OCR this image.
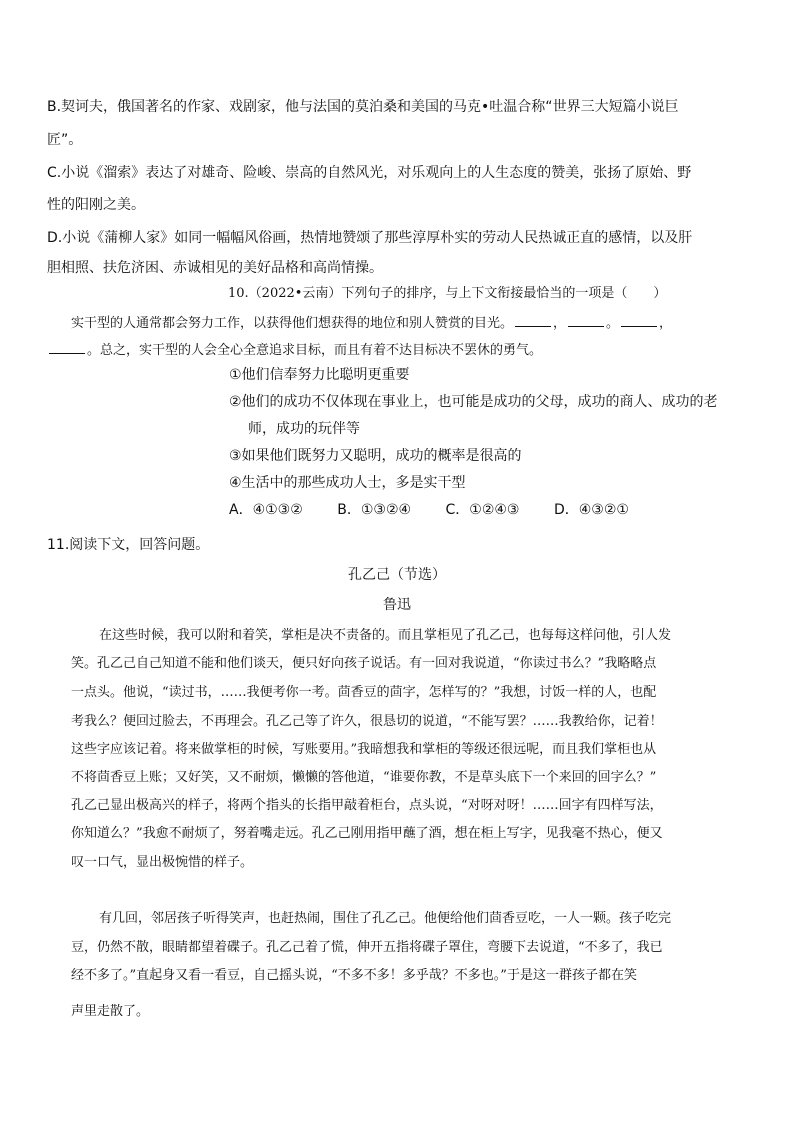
B.契诃夫，俄国著名的作家、戏剧家，他与法国的莫泊桑和美国的马克•吐温合称“世界三大短篇小说巨
匠”。
C.小说《溜索》表达了对雄奇、险峻、崇高的自然风光，对乐观向上的人生态度的赞美，张扬了原始、野
性的阳刚之美。
D.小说《蒲柳人家》如同一幅幅风俗画，热情地赞颂了那些淳厚朴实的劳动人民热诚正直的感情，以及肝
胆相照、扶危济困、赤诚相见的美好品格和高尚情操。
10.（2022•云南）下列句子的排序，与上下文衔接最恰当的一项是（　　）
实干型的人通常都会努力工作，以获得他们想获得的地位和别人赞赏的目光。	，	。	，
。总之，实干型的人会全心全意追求目标，而且有着不达目标决不罢休的勇气。
①他们信奉努力比聪明更重要
②他们的成功不仅体现在事业上，也可能是成功的父母，成功的商人、成功的老
师，成功的玩伴等
③如果他们既努力又聪明，成功的概率是很高的
④生活中的那些成功人士，多是实干型
A．④①③② B．①③②④ C．①②④③ D．④③②①
11.阅读下文，回答问题。
孔乙己（节选）
鲁迅
在这些时候，我可以附和着笑，掌柜是决不责备的。而且掌柜见了孔乙己，也每每这样问他，引人发
笑。孔乙己自己知道不能和他们谈天，便只好向孩子说话。有一回对我说道，“你读过书么？”我略略点
一点头。他说，“读过书，……我便考你一考。茴香豆的茴字，怎样写的？”我想，讨饭一样的人，也配
考我么？便回过脸去，不再理会。孔乙己等了许久，很恳切的说道，“不能写罢？……我教给你，记着！
这些字应该记着。将来做掌柜的时候，写账要用。”我暗想我和掌柜的等级还很远呢，而且我们掌柜也从
不将茴香豆上账；又好笑，又不耐烦，懒懒的答他道，“谁要你教，不是草头底下一个来回的回字么？”
孔乙己显出极高兴的样子，将两个指头的长指甲敲着柜台，点头说，“对呀对呀！……回字有四样写法，
你知道么？”我愈不耐烦了，努着嘴走远。孔乙己刚用指甲蘸了酒，想在柜上写字，见我毫不热心，便又
叹一口气，显出极惋惜的样子。
有几回，邻居孩子听得笑声，也赶热闹，围住了孔乙己。他便给他们茴香豆吃，一人一颗。孩子吃完
豆，仍然不散，眼睛都望着碟子。孔乙己着了慌，伸开五指将碟子罩住，弯腰下去说道，“不多了，我已
经不多了。”直起身又看一看豆，自己摇头说，“不多不多！多乎哉？不多也。”于是这一群孩子都在笑
声里走散了。
